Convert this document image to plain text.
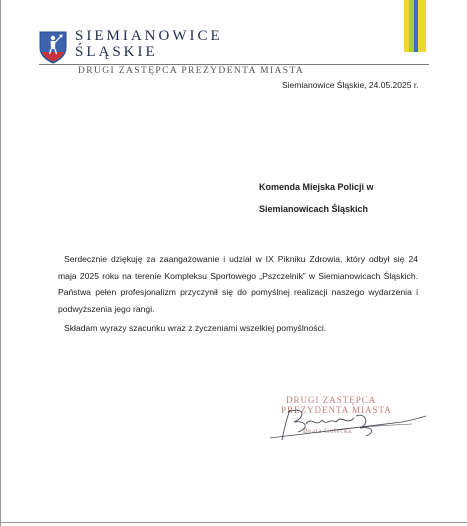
SIEMIANOWICE
ŚLĄSKIE
DRUGI ZASTĘPCA PREZYDENTA MIASTA
Siemianowice Śląskie, 24.05.2025 r.
Komenda Miejska Policji w
Siemianowicach Śląskich

Serdecznie dziękuję za zaangażowanie i udział w IX Pikniku Zdrowia, który odbył się 24 maja 2025 roku na terenie Kompleksu Sportowego „Pszczelnik” w Siemianowicach Śląskich. Państwa pełen profesjonalizm przyczynił się do pomyślnej realizacji naszego wydarzenia i podwyższenia jego rangi.

Składam wyrazy szacunku wraz z życzeniami wszelkiej pomyślności.

DRUGI ZASTĘPCA
PREZYDENTA MIASTA
Beata Gołecka
